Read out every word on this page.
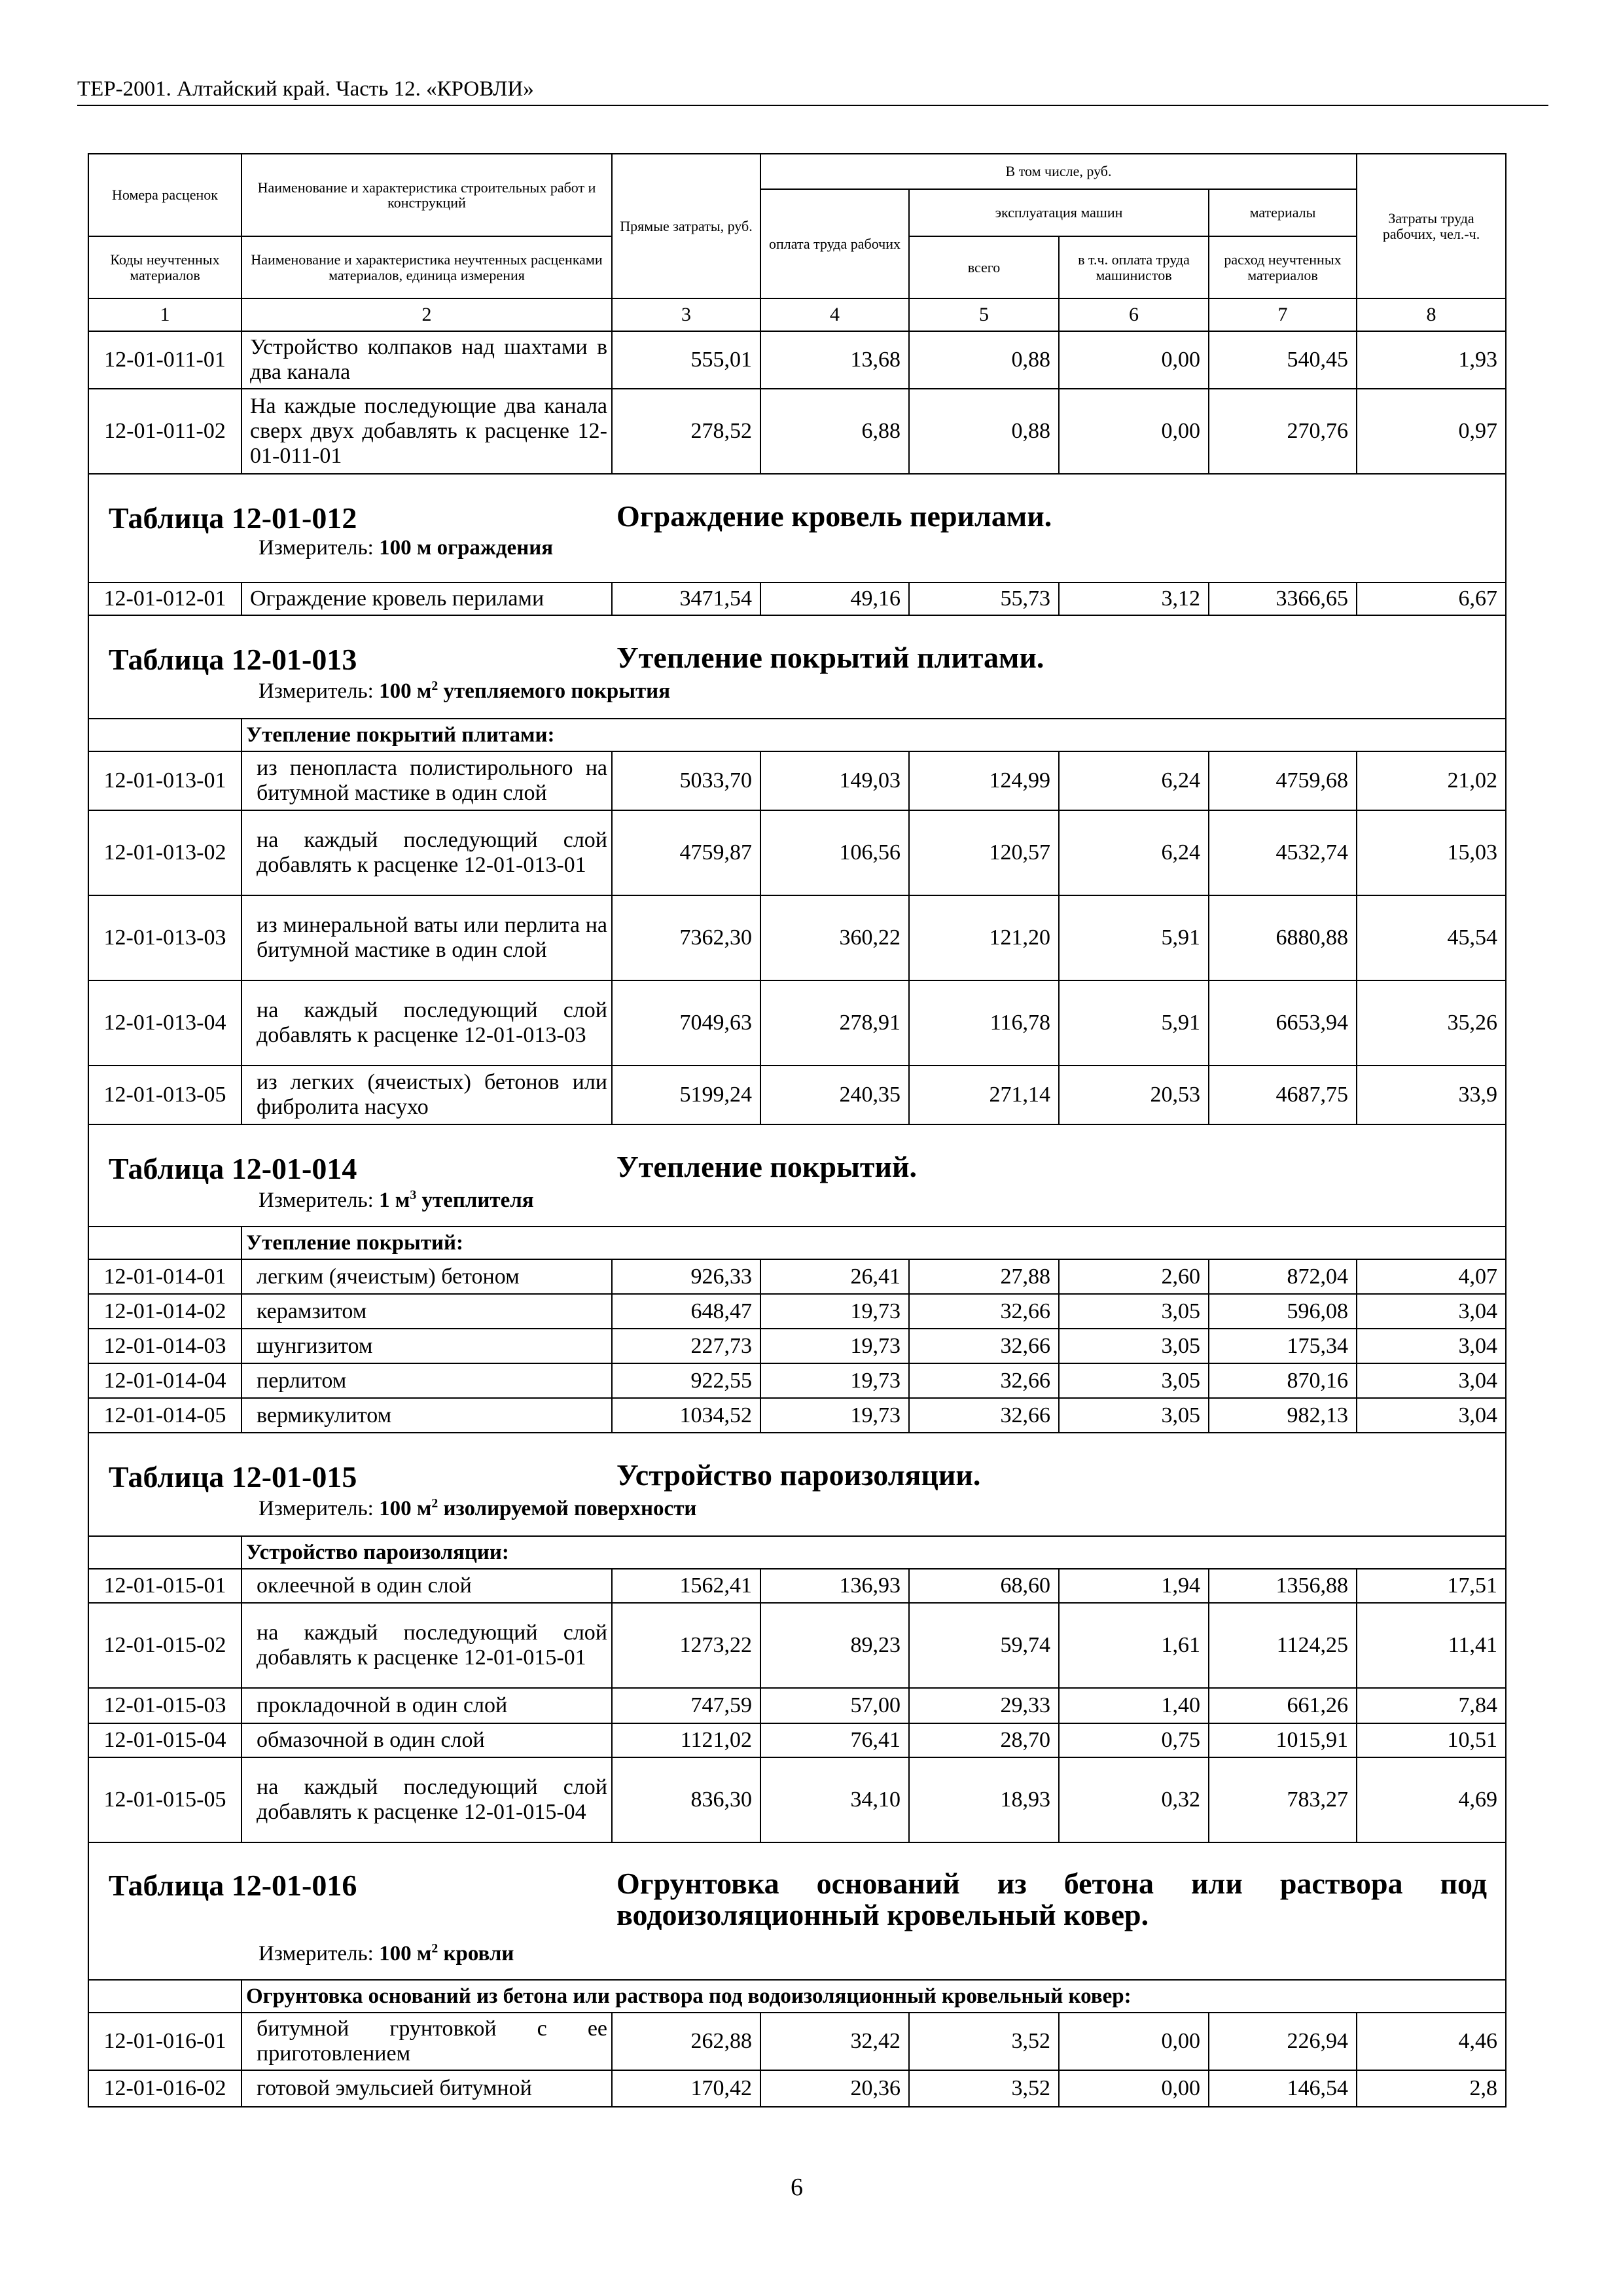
ТЕР-2001. Алтайский край. Часть 12. «КРОВЛИ»
Номера расценок	Наименование и характеристика строительных работ и конструкций	Прямые затраты, руб.	В том числе, руб.				Затраты труда рабочих, чел.-ч.
			оплата труда рабочих	эксплуатация машин		материалы	
Коды неучтенных материалов	Наименование и характеристика неучтенных расценками материалов, единица измерения			всего	в т.ч. оплата труда машинистов	расход неучтенных материалов	
1	2	3	4	5	6	7	8
12-01-011-01	Устройство колпаков над шахтами в два канала	555,01	13,68	0,88	0,00	540,45	1,93
12-01-011-02	На каждые последующие два канала сверх двух добавлять к расценке 12-01-011-01	278,52	6,88	0,88	0,00	270,76	0,97

Таблица 12-01-012 Ограждение кровель перилами.
Измеритель: 100 м ограждения							

12-01-012-01	Ограждение кровель перилами	3471,54	49,16	55,73	3,12	3366,65	6,67

Таблица 12-01-013 Утепление покрытий плитами.
Измеритель: 100 $м^2$ утепляемого покрытия							

	Утепление покрытий плитами:						
12-01-013-01	из пенопласта полистирольного на битумной мастике в один слой	5033,70	149,03	124,99	6,24	4759,68	21,02
12-01-013-02	на каждый последующий слой добавлять к расценке 12-01-013-01	4759,87	106,56	120,57	6,24	4532,74	15,03
12-01-013-03	из минеральной ваты или перлита на битумной мастике в один слой	7362,30	360,22	121,20	5,91	6880,88	45,54
12-01-013-04	на каждый последующий слой добавлять к расценке 12-01-013-03	7049,63	278,91	116,78	5,91	6653,94	35,26
12-01-013-05	из легких (ячеистых) бетонов или фибролита насухо	5199,24	240,35	271,14	20,53	4687,75	33,9

Таблица 12-01-014 Утепление покрытий.
Измеритель: 1 $м^3$ утеплителя							

	Утепление покрытий:						
12-01-014-01	легким (ячеистым) бетоном	926,33	26,41	27,88	2,60	872,04	4,07
12-01-014-02	керамзитом	648,47	19,73	32,66	3,05	596,08	3,04
12-01-014-03	шунгизитом	227,73	19,73	32,66	3,05	175,34	3,04
12-01-014-04	перлитом	922,55	19,73	32,66	3,05	870,16	3,04
12-01-014-05	вермикулитом	1034,52	19,73	32,66	3,05	982,13	3,04

Таблица 12-01-015 Устройство пароизоляции.
Измеритель: 100 $м^2$ изолируемой поверхности							

	Устройство пароизоляции:						
12-01-015-01	оклеечной в один слой	1562,41	136,93	68,60	1,94	1356,88	17,51
12-01-015-02	на каждый последующий слой добавлять к расценке 12-01-015-01	1273,22	89,23	59,74	1,61	1124,25	11,41
12-01-015-03	прокладочной в один слой	747,59	57,00	29,33	1,40	661,26	7,84
12-01-015-04	обмазочной в один слой	1121,02	76,41	28,70	0,75	1015,91	10,51
12-01-015-05	на каждый последующий слой добавлять к расценке 12-01-015-04	836,30	34,10	18,93	0,32	783,27	4,69

Таблица 12-01-016 Огрунтовка оснований из бетона или раствора под водоизоляционный кровельный ковер.
Измеритель: 100 $м^2$ кровли							

	Огрунтовка оснований из бетона или раствора под водоизоляционный кровельный ковер:						
12-01-016-01	битумной грунтовкой с ее приготовлением	262,88	32,42	3,52	0,00	226,94	4,46
12-01-016-02	готовой эмульсией битумной	170,42	20,36	3,52	0,00	146,54	2,8
6
